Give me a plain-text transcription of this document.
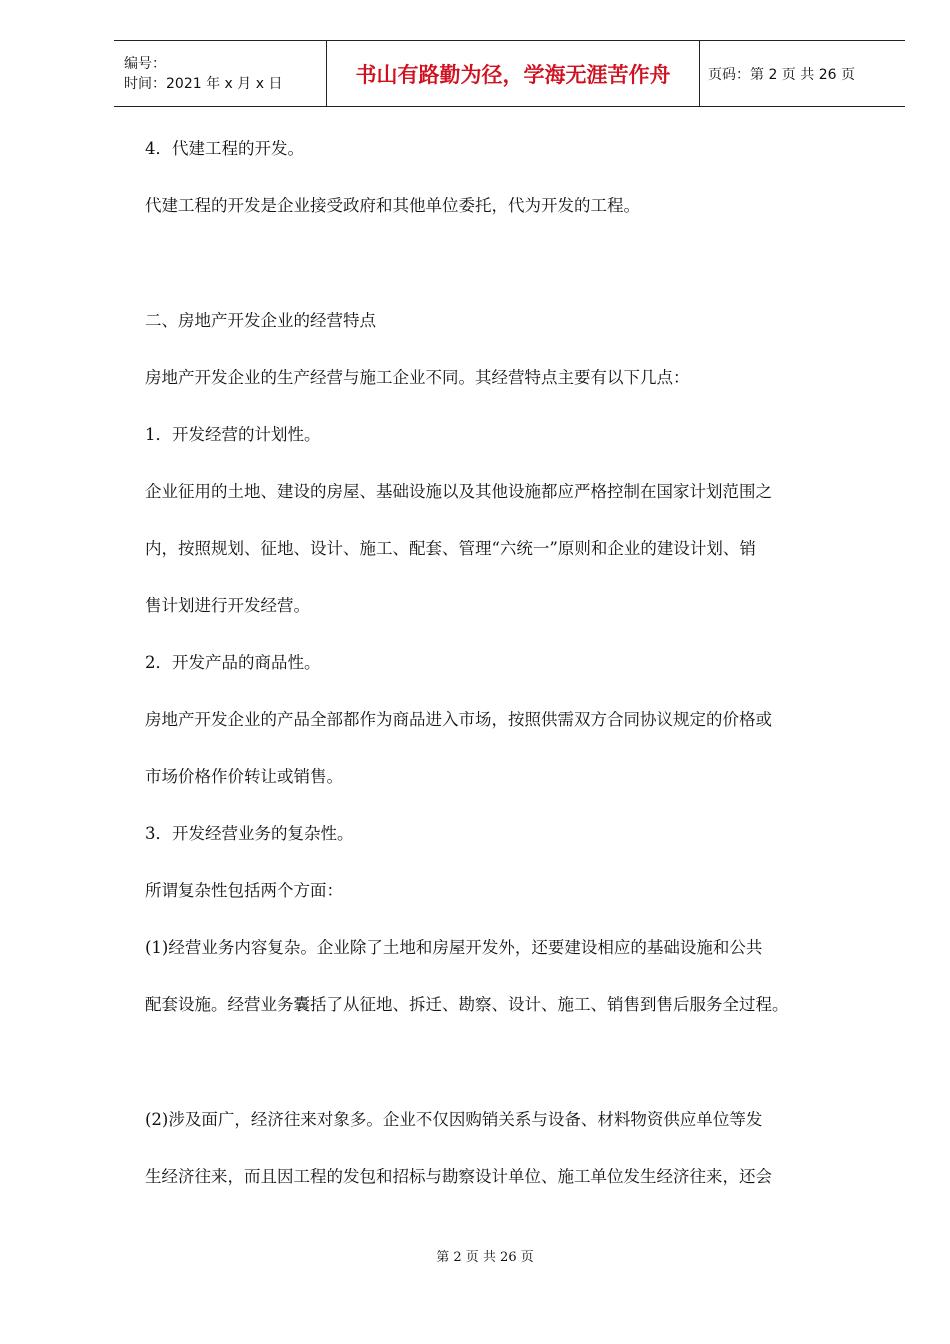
编号：
时间：2021 年 x 月 x 日	书山有路勤为径，学海无涯苦作舟	页码：第 2 页 共 26 页

4．代建工程的开发。

代建工程的开发是企业接受政府和其他单位委托，代为开发的工程。

二、房地产开发企业的经营特点

房地产开发企业的生产经营与施工企业不同。其经营特点主要有以下几点：

1．开发经营的计划性。

企业征用的土地、建设的房屋、基础设施以及其他设施都应严格控制在国家计划范围之

内，按照规划、征地、设计、施工、配套、管理“六统一”原则和企业的建设计划、销

售计划进行开发经营。

2．开发产品的商品性。

房地产开发企业的产品全部都作为商品进入市场，按照供需双方合同协议规定的价格或

市场价格作价转让或销售。

3．开发经营业务的复杂性。

所谓复杂性包括两个方面：

(1)经营业务内容复杂。企业除了土地和房屋开发外，还要建设相应的基础设施和公共

配套设施。经营业务囊括了从征地、拆迁、勘察、设计、施工、销售到售后服务全过程。

(2)涉及面广，经济往来对象多。企业不仅因购销关系与设备、材料物资供应单位等发

生经济往来，而且因工程的发包和招标与勘察设计单位、施工单位发生经济往来，还会

第 2 页 共 26 页
